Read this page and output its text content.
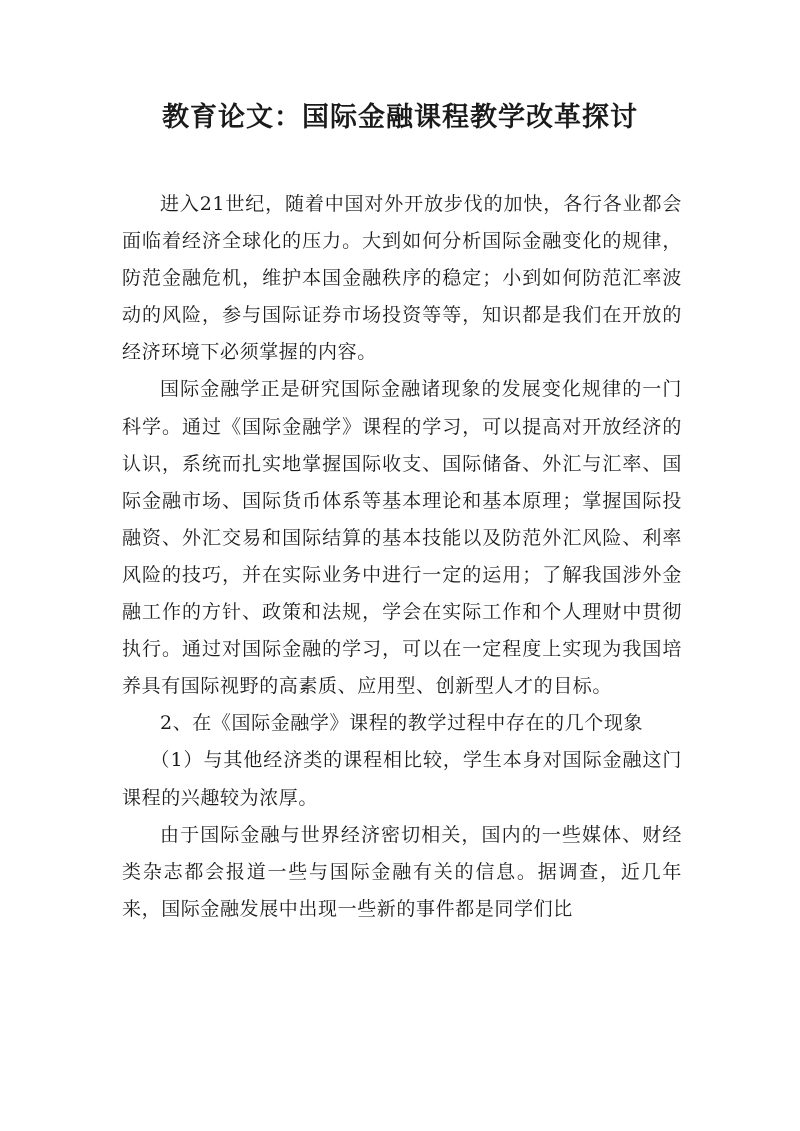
教育论文：国际金融课程教学改革探讨

进入21世纪，随着中国对外开放步伐的加快，各行各业都会面临着经济全球化的压力。大到如何分析国际金融变化的规律，防范金融危机，维护本国金融秩序的稳定；小到如何防范汇率波动的风险，参与国际证券市场投资等等，知识都是我们在开放的经济环境下必须掌握的内容。

国际金融学正是研究国际金融诸现象的发展变化规律的一门科学。通过《国际金融学》课程的学习，可以提高对开放经济的认识，系统而扎实地掌握国际收支、国际储备、外汇与汇率、国际金融市场、国际货币体系等基本理论和基本原理；掌握国际投融资、外汇交易和国际结算的基本技能以及防范外汇风险、利率风险的技巧，并在实际业务中进行一定的运用；了解我国涉外金融工作的方针、政策和法规，学会在实际工作和个人理财中贯彻执行。通过对国际金融的学习，可以在一定程度上实现为我国培养具有国际视野的高素质、应用型、创新型人才的目标。

2、在《国际金融学》课程的教学过程中存在的几个现象

（1）与其他经济类的课程相比较，学生本身对国际金融这门课程的兴趣较为浓厚。

由于国际金融与世界经济密切相关，国内的一些媒体、财经类杂志都会报道一些与国际金融有关的信息。据调查，近几年来，国际金融发展中出现一些新的事件都是同学们比
